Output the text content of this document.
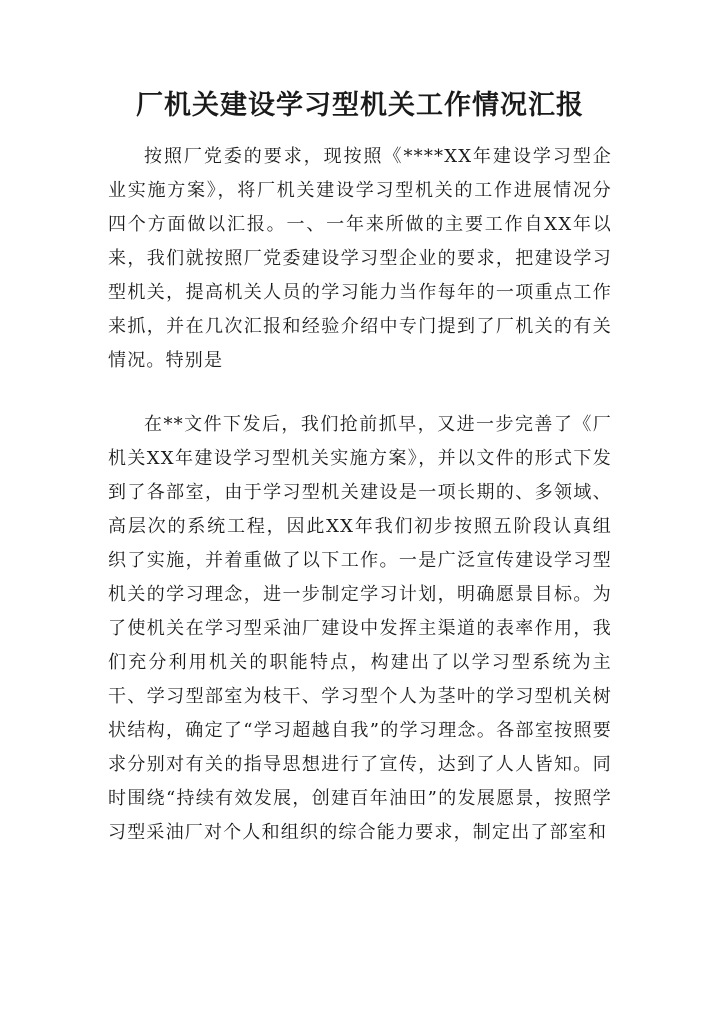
厂机关建设学习型机关工作情况汇报

按照厂党委的要求，现按照《****XX年建设学习型企业实施方案》，将厂机关建设学习型机关的工作进展情况分四个方面做以汇报。一、一年来所做的主要工作自XX年以来，我们就按照厂党委建设学习型企业的要求，把建设学习型机关，提高机关人员的学习能力当作每年的一项重点工作来抓，并在几次汇报和经验介绍中专门提到了厂机关的有关情况。特别是

在**文件下发后，我们抢前抓早，又进一步完善了《厂机关XX年建设学习型机关实施方案》，并以文件的形式下发到了各部室，由于学习型机关建设是一项长期的、多领域、高层次的系统工程，因此XX年我们初步按照五阶段认真组织了实施，并着重做了以下工作。一是广泛宣传建设学习型机关的学习理念，进一步制定学习计划，明确愿景目标。为了使机关在学习型采油厂建设中发挥主渠道的表率作用，我们充分利用机关的职能特点，构建出了以学习型系统为主干、学习型部室为枝干、学习型个人为茎叶的学习型机关树状结构，确定了“学习超越自我”的学习理念。各部室按照要求分别对有关的指导思想进行了宣传，达到了人人皆知。同时围绕“持续有效发展，创建百年油田”的发展愿景，按照学习型采油厂对个人和组织的综合能力要求，制定出了部室和
